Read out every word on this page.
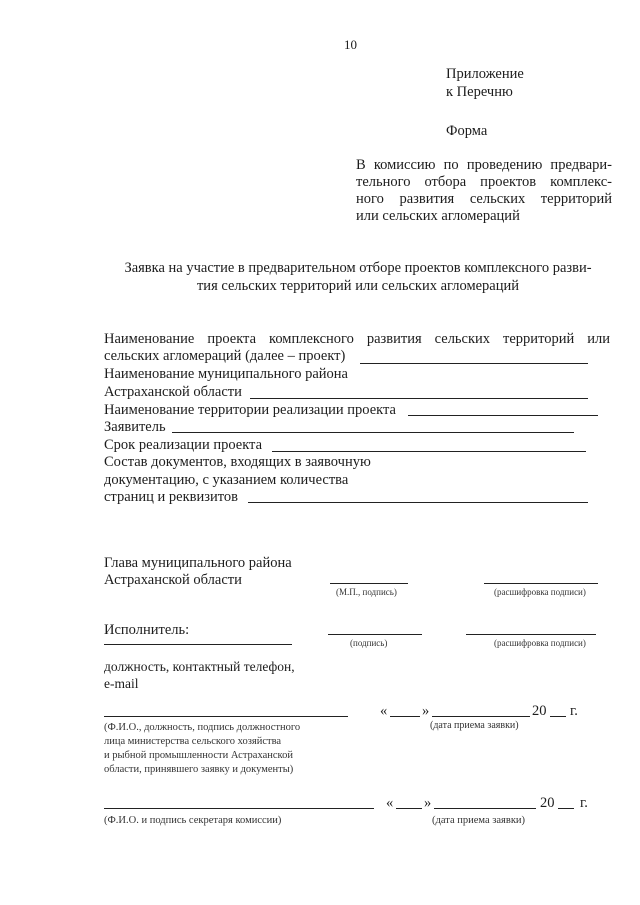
10
Приложение
к Перечню
Форма
В комиссию по проведению предвари-
тельного отбора проектов комплекс-
ного развития сельских территорий
или сельских агломераций
Заявка на участие в предварительном отборе проектов комплексного разви-
тия сельских территорий или сельских агломераций
Наименование проекта комплексного развития сельских территорий или
сельских агломераций (далее – проект)
Наименование муниципального района
Астраханской области
Наименование территории реализации проекта
Заявитель
Срок реализации проекта
Состав документов, входящих в заявочную
документацию, с указанием количества
страниц и реквизитов
Глава муниципального района
Астраханской области
(М.П., подпись)	(расшифровка подписи)
Исполнитель:
(подпись)	(расшифровка подписи)
должность, контактный телефон,
e-mail
« »	20 г.
(дата приема заявки)
(Ф.И.О., должность, подпись должностного
лица министерства сельского хозяйства
и рыбной промышленности Астраханской
области, принявшего заявку и документы)
« »	20 г.
(Ф.И.О. и подпись секретаря комиссии)	(дата приема заявки)
